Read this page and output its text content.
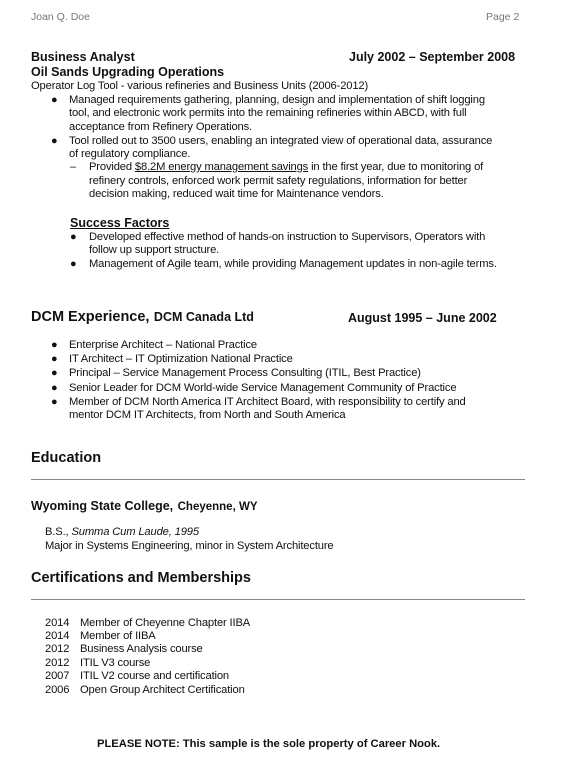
Joan Q. Doe	Page 2
Business Analyst	July 2002 – September 2008
Oil Sands Upgrading Operations
Operator Log Tool - various refineries and Business Units (2006-2012)
● Managed requirements gathering, planning, design and implementation of shift logging
tool, and electronic work permits into the remaining refineries within ABCD, with full
acceptance from Refinery Operations.
● Tool rolled out to 3500 users, enabling an integrated view of operational data, assurance
of regulatory compliance.
– Provided $8.2M energy management savings in the first year, due to monitoring of
refinery controls, enforced work permit safety regulations, information for better
decision making, reduced wait time for Maintenance vendors.
Success Factors
● Developed effective method of hands-on instruction to Supervisors, Operators with
follow up support structure.
● Management of Agile team, while providing Management updates in non-agile terms.
DCM Experience, DCM Canada Ltd	August 1995 – June 2002
● Enterprise Architect – National Practice
● IT Architect – IT Optimization National Practice
● Principal – Service Management Process Consulting (ITIL, Best Practice)
● Senior Leader for DCM World-wide Service Management Community of Practice
● Member of DCM North America IT Architect Board, with responsibility to certify and
mentor DCM IT Architects, from North and South America
Education
Wyoming State College, Cheyenne, WY
B.S., Summa Cum Laude, 1995
Major in Systems Engineering, minor in System Architecture
Certifications and Memberships
2014 Member of Cheyenne Chapter IIBA
2014 Member of IIBA
2012 Business Analysis course
2012 ITIL V3 course
2007 ITIL V2 course and certification
2006 Open Group Architect Certification
PLEASE NOTE: This sample is the sole property of Career Nook.
